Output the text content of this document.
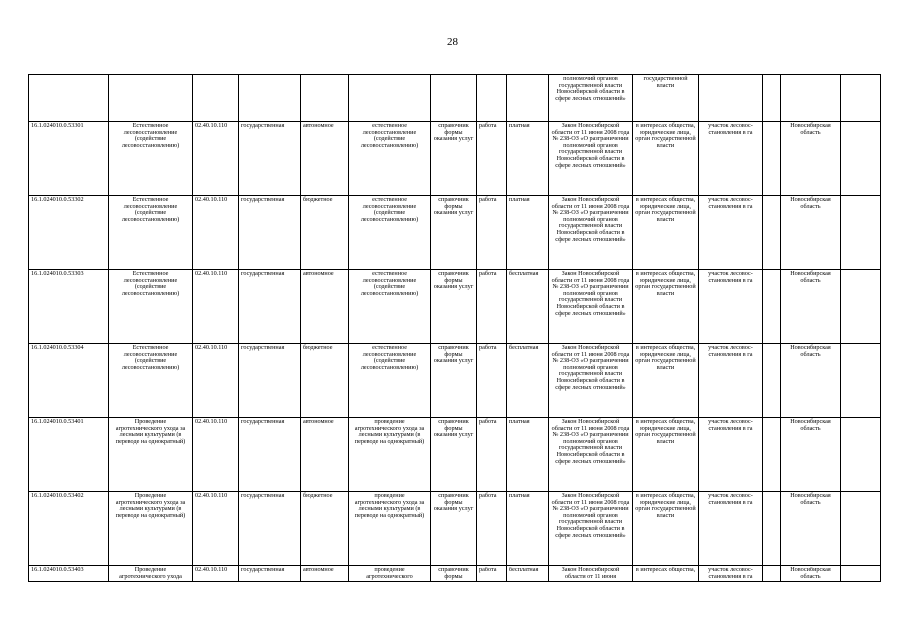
28
									полномочий органов государственной власти Новосибирской области в сфере лесных отношений»	государственной власти				

16.1.024010.0.53301	Естественное лесовосстановление (содействие лесовосстановлению)	02.40.10.110	государственная	автономное	естественное лесовосстановление (содействие лесовосстановлению)	справочник формы оказания услуг	работа	платная	Закон Новосибирской области от 11 июня 2008 года № 238-ОЗ «О разграничении полномочий органов государственной власти Новосибирской области в сфере лесных отношений»	в интересах общества, юридические лица, орган государственной власти	участок лесовос-становления в га		Новосибирская область	

16.1.024010.0.53302	Естественное лесовосстановление (содействие лесовосстановлению)	02.40.10.110	государственная	бюджетное	естественное лесовосстановление (содействие лесовосстановлению)	справочник формы оказания услуг	работа	платная	Закон Новосибирской области от 11 июня 2008 года № 238-ОЗ «О разграничении полномочий органов государственной власти Новосибирской области в сфере лесных отношений»	в интересах общества, юридические лица, орган государственной власти	участок лесовос-становления в га		Новосибирская область	

16.1.024010.0.53303	Естественное лесовосстановление (содействие лесовосстановлению)	02.40.10.110	государственная	автономное	естественное лесовосстановление (содействие лесовосстановлению)	справочник формы оказания услуг	работа	бесплатная	Закон Новосибирской области от 11 июня 2008 года № 238-ОЗ «О разграничении полномочий органов государственной власти Новосибирской области в сфере лесных отношений»	в интересах общества, юридические лица, орган государственной власти	участок лесовос-становления в га		Новосибирская область	

16.1.024010.0.53304	Естественное лесовосстановление (содействие лесовосстановлению)	02.40.10.110	государственная	бюджетное	естественное лесовосстановление (содействие лесовосстановлению)	справочник формы оказания услуг	работа	бесплатная	Закон Новосибирской области от 11 июня 2008 года № 238-ОЗ «О разграничении полномочий органов государственной власти Новосибирской области в сфере лесных отношений»	в интересах общества, юридические лица, орган государственной власти	участок лесовос-становления в га		Новосибирская область	

16.1.024010.0.53401	Проведение агротехнического ухода за лесными культурами (в переводе на однократный)	02.40.10.110	государственная	автономное	проведение агротехнического ухода за лесными культурами (в переводе на однократный)	справочник формы оказания услуг	работа	платная	Закон Новосибирской области от 11 июня 2008 года № 238-ОЗ «О разграничении полномочий органов государственной власти Новосибирской области в сфере лесных отношений»	в интересах общества, юридические лица, орган государственной власти	участок лесовос-становления в га		Новосибирская область	

16.1.024010.0.53402	Проведение агротехнического ухода за лесными культурами (в переводе на однократный)	02.40.10.110	государственная	бюджетное	проведение агротехнического ухода за лесными культурами (в переводе на однократный)	справочник формы оказания услуг	работа	платная	Закон Новосибирской области от 11 июня 2008 года № 238-ОЗ «О разграничении полномочий органов государственной власти Новосибирской области в сфере лесных отношений»	в интересах общества, юридические лица, орган государственной власти	участок лесовос-становления в га		Новосибирская область	

16.1.024010.0.53403	Проведение агротехнического ухода	02.40.10.110	государственная	автономное	проведение агротехнического	справочник формы	работа	бесплатная	Закон Новосибирской области от 11 июня	в интересах общества,	участок лесовос-становления в га		Новосибирская область	
